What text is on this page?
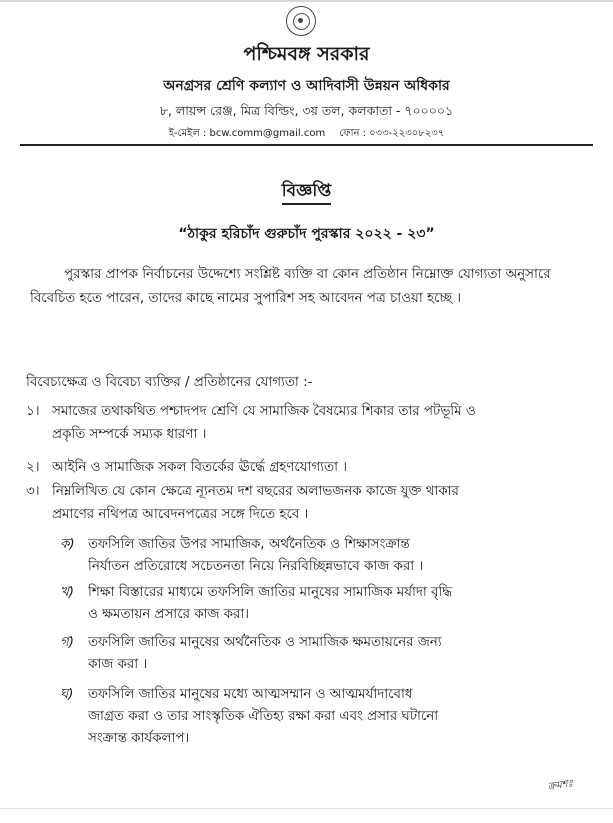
পশ্চিমবঙ্গ সরকার
অনগ্রসর শ্রেণি কল্যাণ ও আদিবাসী উন্নয়ন অধিকার
৮, লায়ন্স রেঞ্জ, মিত্র বিল্ডিং, ৩য় তল, কলকাতা - ৭০০০০১
ই-মেইল : bcw.comm@gmail.com ফোন : ০৩৩-২২৩০৮২৩৭
বিজ্ঞপ্তি
“ঠাকুর হরিচাঁদ গুরুচাঁদ পুরস্কার ২০২২ - ২৩”
পুরস্কার প্রাপক নির্বাচনের উদ্দেশ্যে সংশ্লিষ্ট ব্যক্তি বা কোন প্রতিষ্ঠান নিম্নোক্ত যোগ্যতা অনুসারে বিবেচিত হতে পারেন, তাদের কাছে নামের সুপারিশ সহ আবেদন পত্র চাওয়া হচ্ছে ।
বিবেচ্যক্ষেত্র ও বিবেচ্য ব্যক্তির / প্রতিষ্ঠানের যোগ্যতা :-
১। সমাজের তথাকথিত পশ্চাদপদ শ্রেণি যে সামাজিক বৈষম্যের শিকার তার পটভূমি ও
প্রকৃতি সম্পর্কে সম্যক ধারণা ।
২। আইনি ও সামাজিক সকল বিতর্কের ঊর্দ্ধে গ্রহণযোগ্যতা ।
৩। নিম্নলিখিত যে কোন ক্ষেত্রে ন্যূনতম দশ বছরের অলাভজনক কাজে যুক্ত থাকার
প্রমাণের নথিপত্র আবেদনপত্রের সঙ্গে দিতে হবে ।
ক) তফসিলি জাতির উপর সামাজিক, অর্থনৈতিক ও শিক্ষাসংক্রান্ত
নির্যাতন প্রতিরোধে সচেতনতা নিয়ে নিরবিচ্ছিন্নভাবে কাজ করা ।
খ) শিক্ষা বিস্তারের মাধ্যমে তফসিলি জাতির মানুষের সামাজিক মর্যাদা বৃদ্ধি
ও ক্ষমতায়ন প্রসারে কাজ করা।
গ) তফসিলি জাতির মানুষের অর্থনৈতিক ও সামাজিক ক্ষমতায়নের জন্য
কাজ করা ।
ঘ) তফসিলি জাতির মানুষের মধ্যে আত্মসম্মান ও আত্মমর্যাদাবোধ
জাগ্রত করা ও তার সাংস্কৃতিক ঐতিহ্য রক্ষা করা এবং প্রসার ঘটানো
সংক্রান্ত কার্যকলাপ।
ক্রমশঃ
